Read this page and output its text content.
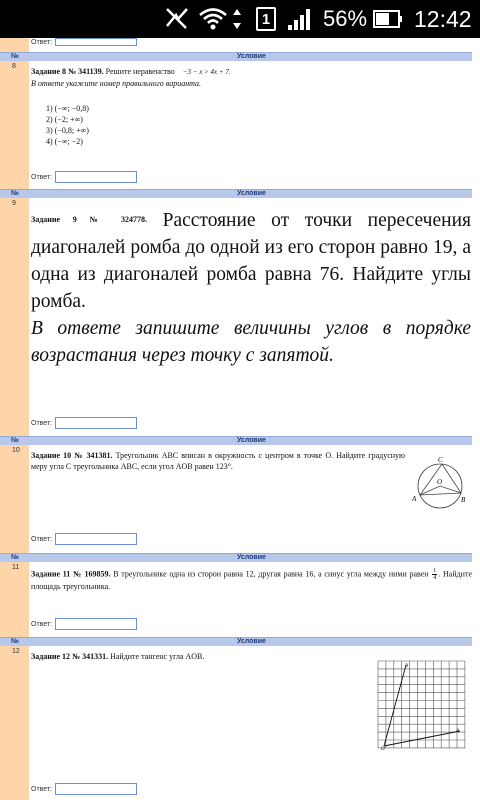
1 56% 12:42
Ответ:
№	Условие
8
Задание 8 № 341139. Решите неравенство −3 − x > 4x + 7.
В ответе укажите номер правильного варианта.
1) (−∞; −0,8)
2) (−2; +∞)
3) (−0,8; +∞)
4) (−∞; −2)
Ответ:
№	Условие
9
$^{Задание 9 № 324778.}$ Расстояние от точки пересечения диагоналей ромба до одной из его сторон равно 19, а одна из диагоналей ромба равна 76. Найдите углы ромба.
В ответе запишите величины углов в порядке возрастания через точку с запятой.
Ответ:
№	Условие
10
Задание 10 № 341381. Треугольник ABC вписан в окружность с центром в точке O. Найдите градусную меру угла C треугольника ABC, если угол AOB равен 123°.
A	B
C
O
Ответ:
№	Условие
11
Задание 11 № 169859. В треугольнике одна из сторон равна 12, другая равна 16, а синус угла между ними равен $\frac{1}{4}$ . Найдите площадь треугольника.
Ответ:
№	Условие
12
Задание 12 № 341331. Найдите тангенс угла AOB.
B
A
O
Ответ:
